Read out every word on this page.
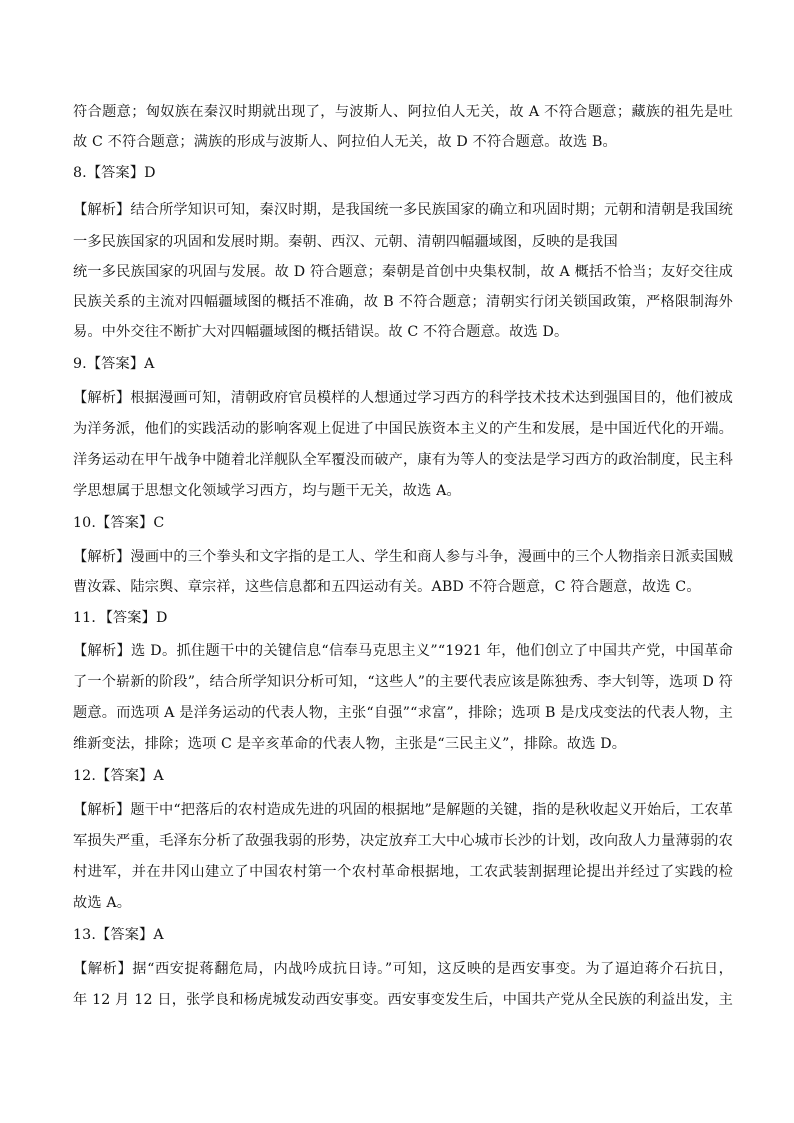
符合题意；匈奴族在秦汉时期就出现了，与波斯人、阿拉伯人无关，故 A 不符合题意；藏族的祖先是吐
故 C 不符合题意；满族的形成与波斯人、阿拉伯人无关，故 D 不符合题意。故选 B。
8.【答案】D
【解析】结合所学知识可知，秦汉时期，是我国统一多民族国家的确立和巩固时期；元朝和清朝是我国统
一多民族国家的巩固和发展时期。秦朝、西汉、元朝、清朝四幅疆域图，反映的是我国
统一多民族国家的巩固与发展。故 D 符合题意；秦朝是首创中央集权制，故 A 概括不恰当；友好交往成
民族关系的主流对四幅疆域图的概括不准确，故 B 不符合题意；清朝实行闭关锁国政策，严格限制海外
易。中外交往不断扩大对四幅疆域图的概括错误。故 C 不符合题意。故选 D。
9.【答案】A
【解析】根据漫画可知，清朝政府官员模样的人想通过学习西方的科学技术技术达到强国目的，他们被成
为洋务派，他们的实践活动的影响客观上促进了中国民族资本主义的产生和发展，是中国近代化的开端。
洋务运动在甲午战争中随着北洋舰队全军覆没而破产，康有为等人的变法是学习西方的政治制度，民主科
学思想属于思想文化领域学习西方，均与题干无关，故选 A。
10.【答案】C
【解析】漫画中的三个拳头和文字指的是工人、学生和商人参与斗争，漫画中的三个人物指亲日派卖国贼
曹汝霖、陆宗舆、章宗祥，这些信息都和五四运动有关。ABD 不符合题意，C 符合题意，故选 C。
11．【答案】D
【解析】选 D。抓住题干中的关键信息“信奉马克思主义”“1921 年，他们创立了中国共产党，中国革命
了一个崭新的阶段”，结合所学知识分析可知，“这些人”的主要代表应该是陈独秀、李大钊等，选项 D 符
题意。而选项 A 是洋务运动的代表人物，主张“自强”“求富”，排除；选项 B 是戊戌变法的代表人物，主
维新变法，排除；选项 C 是辛亥革命的代表人物，主张是“三民主义”，排除。故选 D。
12.【答案】A
【解析】题干中“把落后的农村造成先进的巩固的根据地”是解题的关键，指的是秋收起义开始后，工农革
军损失严重，毛泽东分析了敌强我弱的形势，决定放弃工大中心城市长沙的计划，改向敌人力量薄弱的农
村进军，并在井冈山建立了中国农村第一个农村革命根据地，工农武装割据理论提出并经过了实践的检
故选 A。
13.【答案】A
【解析】据“西安捉蒋翻危局，内战吟成抗日诗。”可知，这反映的是西安事变。为了逼迫蒋介石抗日，
年 12 月 12 日，张学良和杨虎城发动西安事变。西安事变发生后，中国共产党从全民族的利益出发，主
